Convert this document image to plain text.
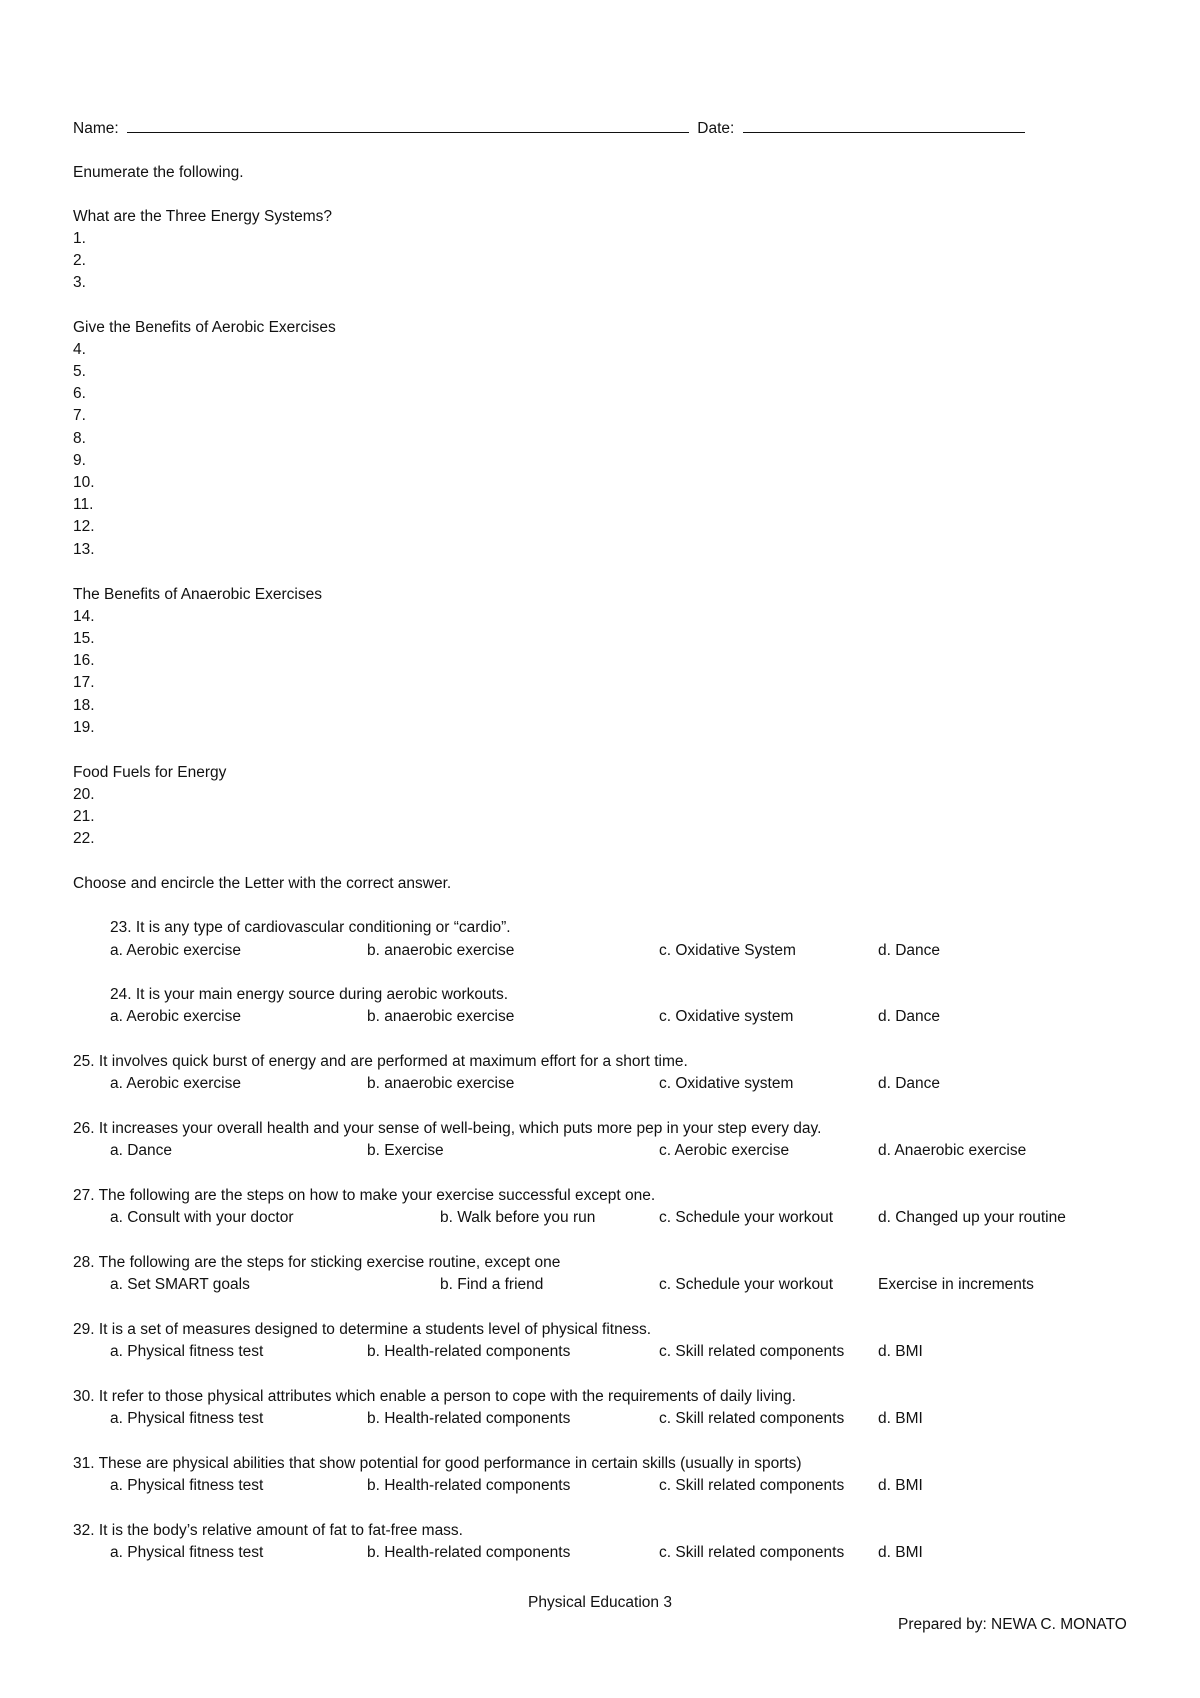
Name:	Date:
Enumerate the following.
What are the Three Energy Systems?
1.
2.
3.
Give the Benefits of Aerobic Exercises
4.
5.
6.
7.
8.
9.
10.
11.
12.
13.
The Benefits of Anaerobic Exercises
14.
15.
16.
17.
18.
19.
Food Fuels for Energy
20.
21.
22.
Choose and encircle the Letter with the correct answer.
23. It is any type of cardiovascular conditioning or “cardio”.
a. Aerobic exercise	b. anaerobic exercise	c. Oxidative System	d. Dance
24. It is your main energy source during aerobic workouts.
a. Aerobic exercise	b. anaerobic exercise	c. Oxidative system	d. Dance
25. It involves quick burst of energy and are performed at maximum effort for a short time.
a. Aerobic exercise	b. anaerobic exercise	c. Oxidative system	d. Dance
26. It increases your overall health and your sense of well-being, which puts more pep in your step every day.
a. Dance	b. Exercise	c. Aerobic exercise	d. Anaerobic exercise
27. The following are the steps on how to make your exercise successful except one.
a. Consult with your doctor	b. Walk before you run	c. Schedule your workout	d. Changed up your routine
28. The following are the steps for sticking exercise routine, except one
a. Set SMART goals	b. Find a friend	c. Schedule your workout	Exercise in increments
29. It is a set of measures designed to determine a students level of physical fitness.
a. Physical fitness test	b. Health-related components	c. Skill related components d. BMI
30. It refer to those physical attributes which enable a person to cope with the requirements of daily living.
a. Physical fitness test	b. Health-related components	c. Skill related components d. BMI
31. These are physical abilities that show potential for good performance in certain skills (usually in sports)
a. Physical fitness test	b. Health-related components	c. Skill related components d. BMI
32. It is the body’s relative amount of fat to fat-free mass.
a. Physical fitness test	b. Health-related components	c. Skill related components d. BMI
Physical Education 3
Prepared by: NEWA C. MONATO
